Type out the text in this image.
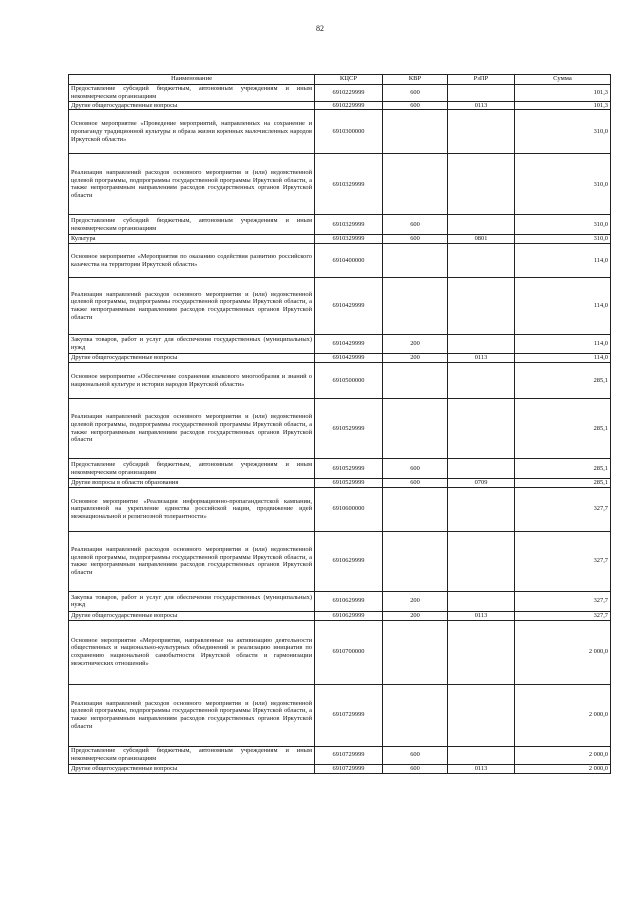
82
Наименование	КЦСР	КВР	РзПР	Сумма
Предоставление субсидий бюджетным, автономным учреждениям и иным некоммерческим организациям	6910229999	600		101,3
Другие общегосударственные вопросы	6910229999	600	0113	101,3
Основное мероприятие «Проведение мероприятий, направленных на сохранение и пропаганду традиционной культуры и образа жизни коренных малочисленных народов Иркутской области»	6910300000			310,0
Реализация направлений расходов основного мероприятия и (или) ведомственной целевой программы, подпрограммы государственной программы Иркутской области, а также непрограммным направлениям расходов государственных органов Иркутской области	6910329999			310,0
Предоставление субсидий бюджетным, автономным учреждениям и иным некоммерческим организациям	6910329999	600		310,0
Культура	6910329999	600	0801	310,0
Основное мероприятие «Мероприятия по оказанию содействия развитию российского казачества на территории Иркутской области»	6910400000			114,0
Реализация направлений расходов основного мероприятия и (или) ведомственной целевой программы, подпрограммы государственной программы Иркутской области, а также непрограммным направлениям расходов государственных органов Иркутской области	6910429999			114,0
Закупка товаров, работ и услуг для обеспечения государственных (муниципальных) нужд	6910429999	200		114,0
Другие общегосударственные вопросы	6910429999	200	0113	114,0
Основное мероприятие «Обеспечение сохранения языкового многообразия и знаний о национальной культуре и истории народов Иркутской области»	6910500000			285,1
Реализация направлений расходов основного мероприятия и (или) ведомственной целевой программы, подпрограммы государственной программы Иркутской области, а также непрограммным направлениям расходов государственных органов Иркутской области	6910529999			285,1
Предоставление субсидий бюджетным, автономным учреждениям и иным некоммерческим организациям	6910529999	600		285,1
Другие вопросы в области образования	6910529999	600	0709	285,1
Основное мероприятие «Реализация информационно-пропагандистской кампании, направленной на укрепление единства российской нации, продвижение идей межнациональной и религиозной толерантности»	6910600000			327,7
Реализация направлений расходов основного мероприятия и (или) ведомственной целевой программы, подпрограммы государственной программы Иркутской области, а также непрограммным направлениям расходов государственных органов Иркутской области	6910629999			327,7
Закупка товаров, работ и услуг для обеспечения государственных (муниципальных) нужд	6910629999	200		327,7
Другие общегосударственные вопросы	6910629999	200	0113	327,7
Основное мероприятие «Мероприятия, направленные на активизацию деятельности общественных и национально-культурных объединений и реализацию инициатив по сохранению национальной самобытности Иркутской области и гармонизации межэтнических отношений»	6910700000			2 000,0
Реализация направлений расходов основного мероприятия и (или) ведомственной целевой программы, подпрограммы государственной программы Иркутской области, а также непрограммным направлениям расходов государственных органов Иркутской области	6910729999			2 000,0
Предоставление субсидий бюджетным, автономным учреждениям и иным некоммерческим организациям	6910729999	600		2 000,0
Другие общегосударственные вопросы	6910729999	600	0113	2 000,0
